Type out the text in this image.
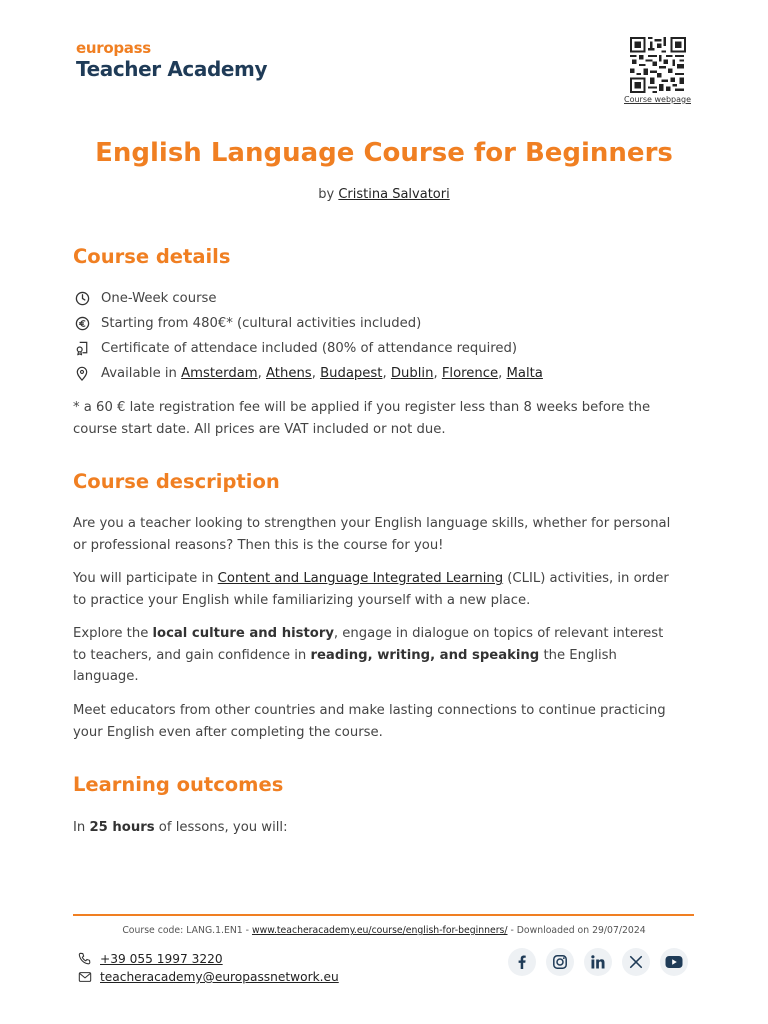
europass
Teacher Academy
Course webpage
English Language Course for Beginners
by Cristina Salvatori
Course details
One-Week course
Starting from 480€* (cultural activities included)
Certificate of attendace included (80% of attendance required)
Available in
Amsterdam , Athens , Budapest , Dublin , Florence , Malta
* a 60 € late registration fee will be applied if you register less than 8 weeks before the
course start date. All prices are VAT included or not due.
Course description
Are you a teacher looking to strengthen your English language skills, whether for personal
or professional reasons? Then this is the course for you!
You will participate in Content and Language Integrated Learning (CLIL) activities, in order
to practice your English while familiarizing yourself with a new place.
Explore the local culture and history, engage in dialogue on topics of relevant interest
to teachers, and gain confidence in reading, writing, and speaking the English
language.
Meet educators from other countries and make lasting connections to continue practicing
your English even after completing the course.
Learning outcomes
In 25 hours of lessons, you will:
Course code: LANG.1.EN1 - www.teacheracademy.eu/course/english-for-beginners/ - Downloaded on 29/07/2024
+39 055 1997 3220
teacheracademy@europassnetwork.eu
